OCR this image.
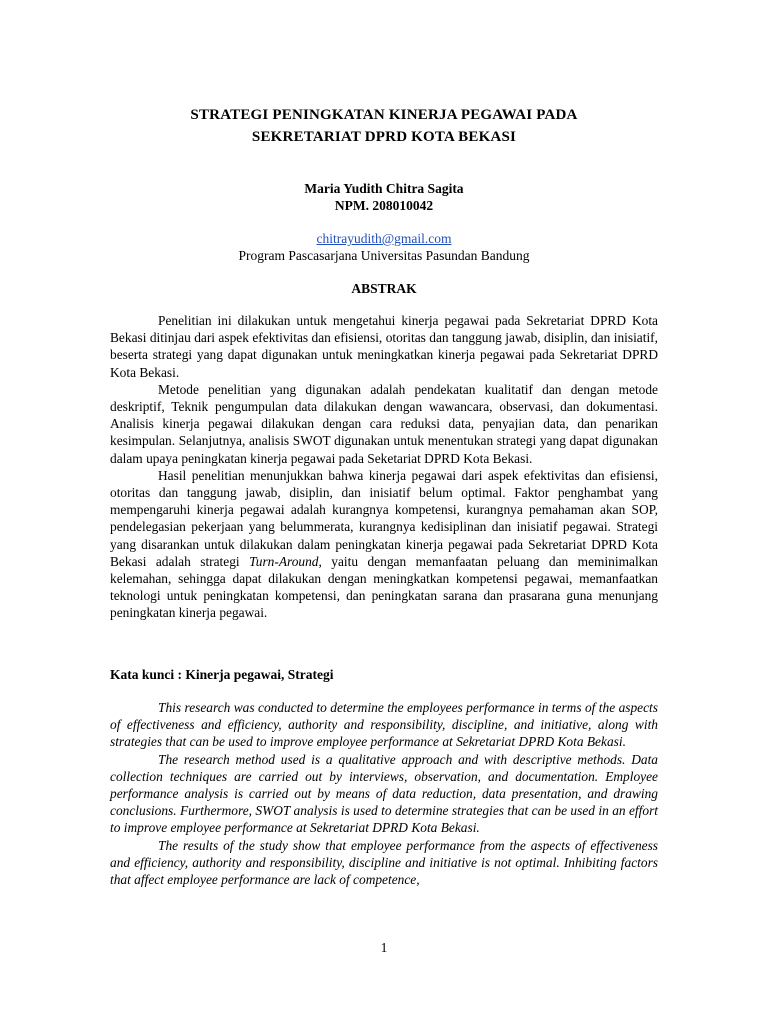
STRATEGI PENINGKATAN KINERJA PEGAWAI PADA
SEKRETARIAT DPRD KOTA BEKASI
Maria Yudith Chitra Sagita
NPM. 208010042
chitrayudith@gmail.com
Program Pascasarjana Universitas Pasundan Bandung
ABSTRAK

Penelitian ini dilakukan untuk mengetahui kinerja pegawai pada Sekretariat DPRD Kota Bekasi ditinjau dari aspek efektivitas dan efisiensi, otoritas dan tanggung jawab, disiplin, dan inisiatif, beserta strategi yang dapat digunakan untuk meningkatkan kinerja pegawai pada Sekretariat DPRD Kota Bekasi.

Metode penelitian yang digunakan adalah pendekatan kualitatif dan dengan metode deskriptif, Teknik pengumpulan data dilakukan dengan wawancara, observasi, dan dokumentasi. Analisis kinerja pegawai dilakukan dengan cara reduksi data, penyajian data, dan penarikan kesimpulan. Selanjutnya, analisis SWOT digunakan untuk menentukan strategi yang dapat digunakan dalam upaya peningkatan kinerja pegawai pada Seketariat DPRD Kota Bekasi.

Hasil penelitian menunjukkan bahwa kinerja pegawai dari aspek efektivitas dan efisiensi, otoritas dan tanggung jawab, disiplin, dan inisiatif belum optimal. Faktor penghambat yang mempengaruhi kinerja pegawai adalah kurangnya kompetensi, kurangnya pemahaman akan SOP, pendelegasian pekerjaan yang belummerata, kurangnya kedisiplinan dan inisiatif pegawai. Strategi yang disarankan untuk dilakukan dalam peningkatan kinerja pegawai pada Sekretariat DPRD Kota Bekasi adalah strategi Turn-Around, yaitu dengan memanfaatan peluang dan meminimalkan kelemahan, sehingga dapat dilakukan dengan meningkatkan kompetensi pegawai, memanfaatkan teknologi untuk peningkatan kompetensi, dan peningkatan sarana dan prasarana guna menunjang peningkatan kinerja pegawai.

Kata kunci : Kinerja pegawai, Strategi

This research was conducted to determine the employees performance in terms of the aspects of effectiveness and efficiency, authority and responsibility, discipline, and initiative, along with strategies that can be used to improve employee performance at Sekretariat DPRD Kota Bekasi.

The research method used is a qualitative approach and with descriptive methods. Data collection techniques are carried out by interviews, observation, and documentation. Employee performance analysis is carried out by means of data reduction, data presentation, and drawing conclusions. Furthermore, SWOT analysis is used to determine strategies that can be used in an effort to improve employee performance at Sekretariat DPRD Kota Bekasi.

The results of the study show that employee performance from the aspects of effectiveness and efficiency, authority and responsibility, discipline and initiative is not optimal. Inhibiting factors that affect employee performance are lack of competence,

1
